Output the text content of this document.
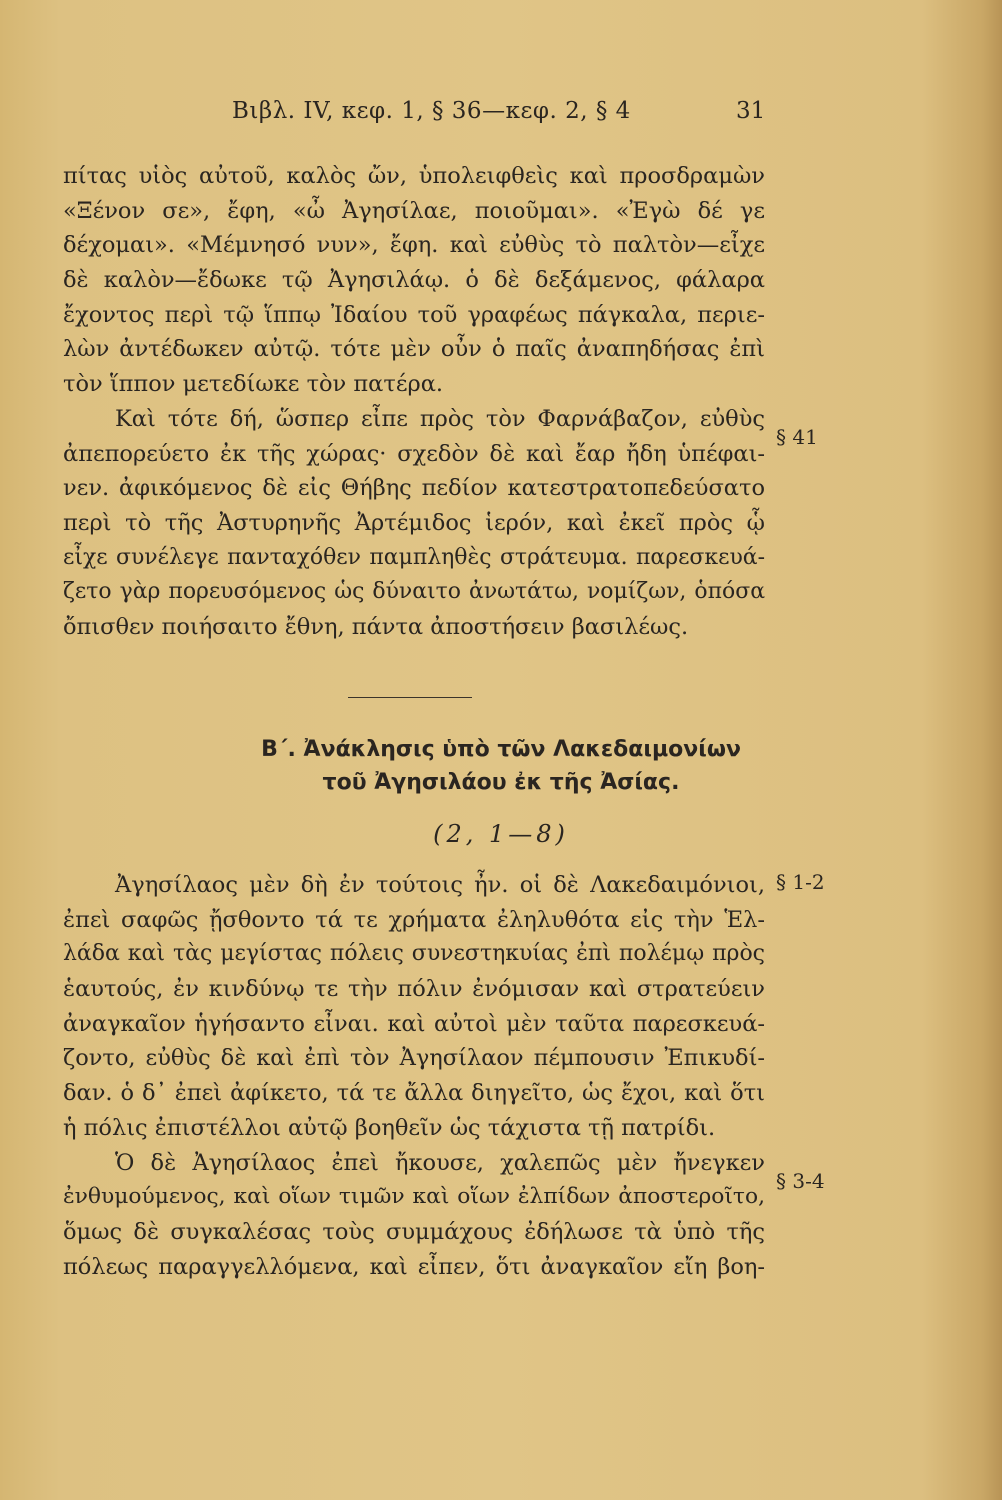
Βιβλ. IV, κεφ. 1, § 36—κεφ. 2, § 4	31
πίτας υἱὸς αὐτοῦ, καλὸς ὤν, ὑπολειφθεὶς καὶ προσδραμὼν
«Ξένον σε», ἔφη, «ὦ Ἀγησίλαε, ποιοῦμαι». «Ἐγὼ δέ γε
δέχομαι». «Μέμνησό νυν», ἔφη. καὶ εὐθὺς τὸ παλτὸν—εἶχε
δὲ καλὸν—ἔδωκε τῷ Ἀγησιλάῳ. ὁ δὲ δεξάμενος, φάλαρα
ἔχοντος περὶ τῷ ἵππῳ Ἰδαίου τοῦ γραφέως πάγκαλα, περιε-
λὼν ἀντέδωκεν αὐτῷ. τότε μὲν οὖν ὁ παῖς ἀναπηδήσας ἐπὶ
τὸν ἵππον μετεδίωκε τὸν πατέρα.
Καὶ τότε δή, ὥσπερ εἶπε πρὸς τὸν Φαρνάβαζον, εὐθὺς
ἀπεπορεύετο ἐκ τῆς χώρας· σχεδὸν δὲ καὶ ἔαρ ἤδη ὑπέφαι-
νεν. ἀφικόμενος δὲ εἰς Θήβης πεδίον κατεστρατοπεδεύσατο
περὶ τὸ τῆς Ἀστυρηνῆς Ἀρτέμιδος ἱερόν, καὶ ἐκεῖ πρὸς ᾧ
εἶχε συνέλεγε πανταχόθεν παμπληθὲς στράτευμα. παρεσκευά-
ζετο γὰρ πορευσόμενος ὡς δύναιτο ἀνωτάτω, νομίζων, ὁπόσα
ὄπισθεν ποιήσαιτο ἔθνη, πάντα ἀποστήσειν βασιλέως.
§ 41
Β΄. Ἀνάκλησις ὑπὸ τῶν Λακεδαιμονίων
τοῦ Ἀγησιλάου ἐκ τῆς Ἀσίας.
(2, 1—8)
Ἀγησίλαος μὲν δὴ ἐν τούτοις ἦν. οἱ δὲ Λακεδαιμόνιοι,
ἐπεὶ σαφῶς ᾔσθοντο τά τε χρήματα ἐληλυθότα εἰς τὴν Ἑλ-
λάδα καὶ τὰς μεγίστας πόλεις συνεστηκυίας ἐπὶ πολέμῳ πρὸς
ἑαυτούς, ἐν κινδύνῳ τε τὴν πόλιν ἐνόμισαν καὶ στρατεύειν
ἀναγκαῖον ἡγήσαντο εἶναι. καὶ αὐτοὶ μὲν ταῦτα παρεσκευά-
ζοντο, εὐθὺς δὲ καὶ ἐπὶ τὸν Ἀγησίλαον πέμπουσιν Ἐπικυδί-
δαν. ὁ δ᾽ ἐπεὶ ἀφίκετο, τά τε ἄλλα διηγεῖτο, ὡς ἔχοι, καὶ ὅτι
ἡ πόλις ἐπιστέλλοι αὐτῷ βοηθεῖν ὡς τάχιστα τῇ πατρίδι.
Ὁ δὲ Ἀγησίλαος ἐπεὶ ἤκουσε, χαλεπῶς μὲν ἤνεγκεν
ἐνθυμούμενος, καὶ οἵων τιμῶν καὶ οἵων ἐλπίδων ἀποστεροῖτο,
ὅμως δὲ συγκαλέσας τοὺς συμμάχους ἐδήλωσε τὰ ὑπὸ τῆς
πόλεως παραγγελλόμενα, καὶ εἶπεν, ὅτι ἀναγκαῖον εἴη βοη-
§ 1-2
§ 3-4
